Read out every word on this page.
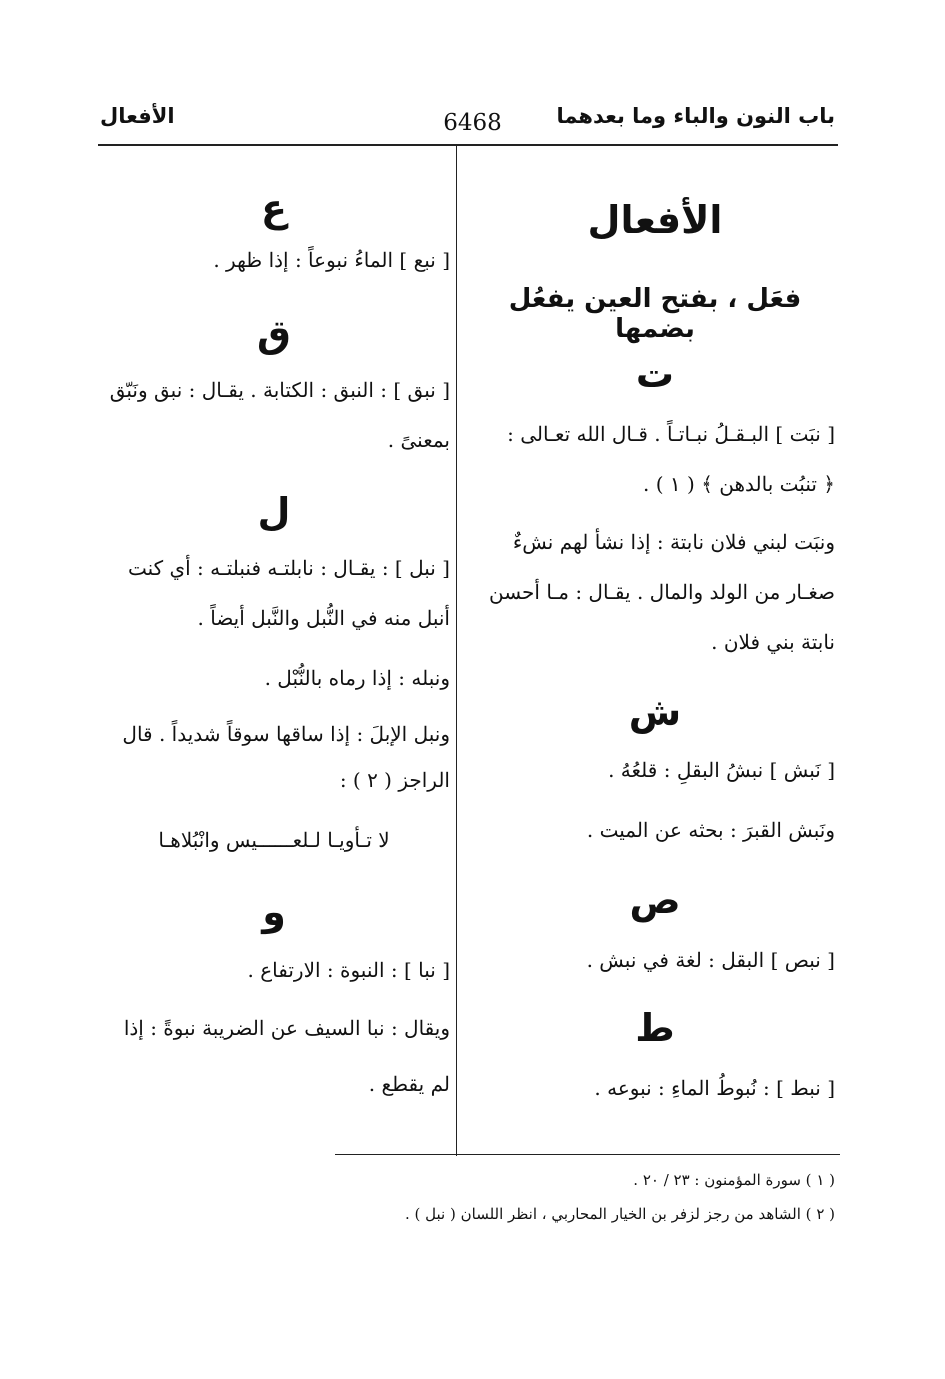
باب النون والباء وما بعدهما
6468
الأفعال
الأفعال
فعَل ، بفتح العين يفعُل بضمها
ت
[ نبَت ] البـقـلُ نبـاتـاً . قـال الله تعـالى :
﴿ تنبُت بالدهن ﴾ ( ١ ) .
ونبَت لبني فلان نابتة : إذا نشأ لهم نشءٌ
صغـار من الولد والمال . يقـال : مـا أحسن
نابتة بني فلان .
ش
[ نَبش ] نبشُ البقلِ : قلعُهُ .
ونَبش القبرَ : بحثه عن الميت .
ص
[ نبص ] البقل : لغة في نبش .
ط
[ نبط ] : نُبوطُ الماءِ : نبوعه .
ع
[ نبع ] الماءُ نبوعاً : إذا ظهر .
ق
[ نبق ] : النبق : الكتابة . يقـال : نبق ونَبّق
بمعنىً .
ل
[ نبل ] : يقـال : نابلتـه فنبلتـه : أي كنت
أنبل منه في النُّبل والنَّبل أيضاً .
ونبله : إذا رماه بالنُّبْل .
ونبل الإبلَ : إذا ساقها سوقاً شديداً . قال
الراجز ( ٢ ) :
لا تـأويـا لـلعــــــيس وانْبُلاهـا
و
[ نبا ] : النبوة : الارتفاع .
ويقال : نبا السيف عن الضريبة نبوةً : إذا
لم يقطع .
( ١ ) سورة المؤمنون : ٢٣ / ٢٠ .
( ٢ ) الشاهد من رجز لزفر بن الخيار المحاربي ، انظر اللسان ( نبل ) .
